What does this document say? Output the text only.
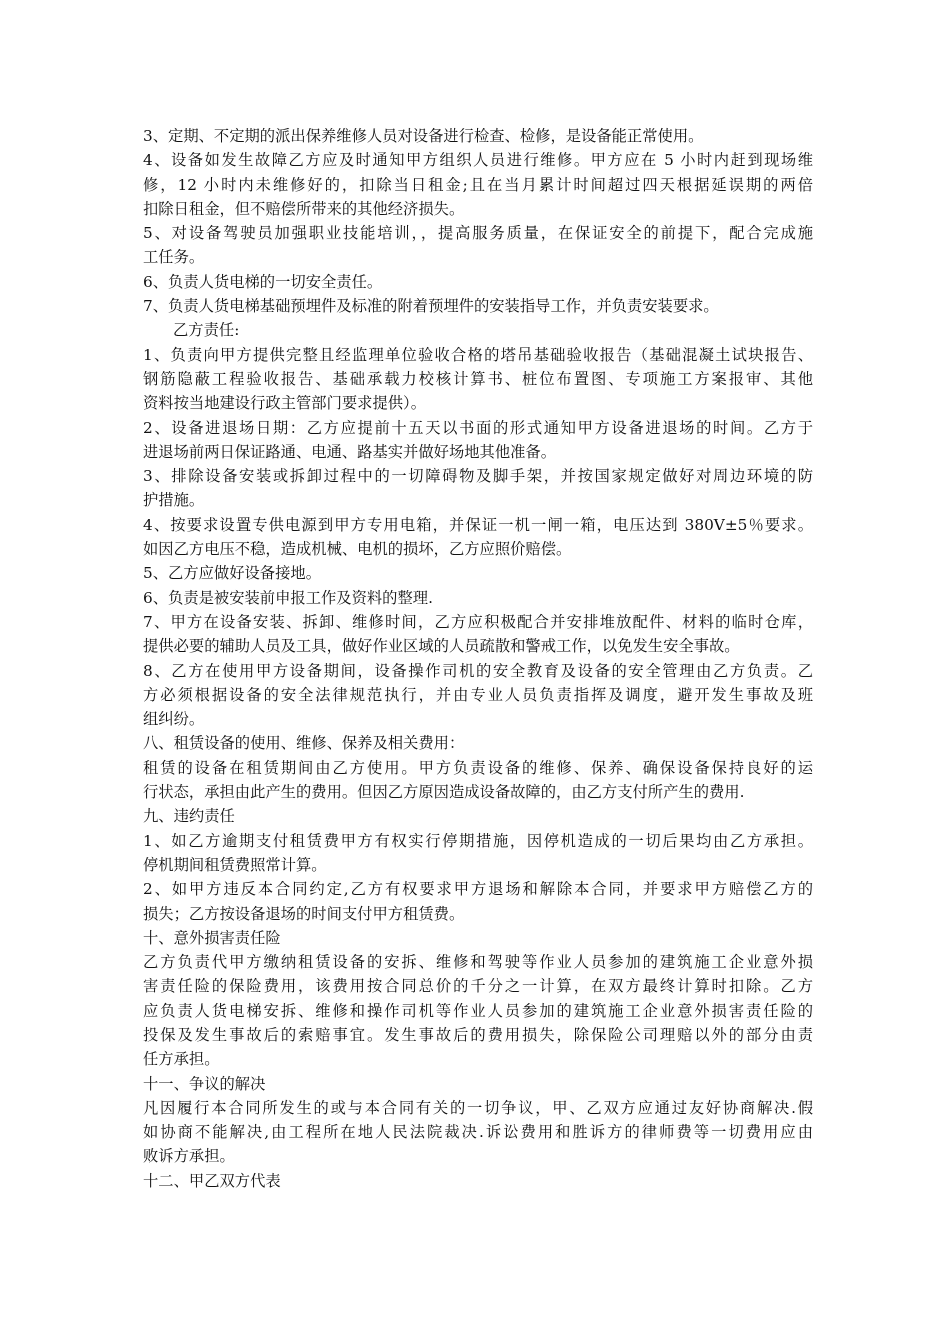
3、定期、不定期的派出保养维修人员对设备进行检查、检修，是设备能正常使用。
4、设备如发生故障乙方应及时通知甲方组织人员进行维修。甲方应在 5 小时内赶到现场维
修，12 小时内未维修好的，扣除当日租金;且在当月累计时间超过四天根据延误期的两倍
扣除日租金，但不赔偿所带来的其他经济损失。
5、对设备驾驶员加强职业技能培训，，提高服务质量，在保证安全的前提下，配合完成施
工任务。
6、负责人货电梯的一切安全责任。
7、负责人货电梯基础预埋件及标准的附着预埋件的安装指导工作，并负责安装要求。
乙方责任:
1、负责向甲方提供完整且经监理单位验收合格的塔吊基础验收报告（基础混凝土试块报告、
钢筋隐蔽工程验收报告、基础承载力校核计算书、桩位布置图、专项施工方案报审、其他
资料按当地建设行政主管部门要求提供）。
2、设备进退场日期：乙方应提前十五天以书面的形式通知甲方设备进退场的时间。乙方于
进退场前两日保证路通、电通、路基实并做好场地其他准备。
3、排除设备安装或拆卸过程中的一切障碍物及脚手架，并按国家规定做好对周边环境的防
护措施。
4、按要求设置专供电源到甲方专用电箱，并保证一机一闸一箱，电压达到 380V±5％要求。
如因乙方电压不稳，造成机械、电机的损坏，乙方应照价赔偿。
5、乙方应做好设备接地。
6、负责是被安装前申报工作及资料的整理.
7、甲方在设备安装、拆卸、维修时间，乙方应积极配合并安排堆放配件、材料的临时仓库，
提供必要的辅助人员及工具，做好作业区域的人员疏散和警戒工作，以免发生安全事故。
8、乙方在使用甲方设备期间，设备操作司机的安全教育及设备的安全管理由乙方负责。乙
方必须根据设备的安全法律规范执行，并由专业人员负责指挥及调度，避开发生事故及班
组纠纷。
八、租赁设备的使用、维修、保养及相关费用：
租赁的设备在租赁期间由乙方使用。甲方负责设备的维修、保养、确保设备保持良好的运
行状态，承担由此产生的费用。但因乙方原因造成设备故障的，由乙方支付所产生的费用.
九、违约责任
1、如乙方逾期支付租赁费甲方有权实行停期措施，因停机造成的一切后果均由乙方承担。
停机期间租赁费照常计算。
2、如甲方违反本合同约定,乙方有权要求甲方退场和解除本合同，并要求甲方赔偿乙方的
损失；乙方按设备退场的时间支付甲方租赁费。
十、意外损害责任险
乙方负责代甲方缴纳租赁设备的安拆、维修和驾驶等作业人员参加的建筑施工企业意外损
害责任险的保险费用，该费用按合同总价的千分之一计算，在双方最终计算时扣除。乙方
应负责人货电梯安拆、维修和操作司机等作业人员参加的建筑施工企业意外损害责任险的
投保及发生事故后的索赔事宜。发生事故后的费用损失，除保险公司理赔以外的部分由责
任方承担。
十一、争议的解决
凡因履行本合同所发生的或与本合同有关的一切争议，甲、乙双方应通过友好协商解决.假
如协商不能解决,由工程所在地人民法院裁决.诉讼费用和胜诉方的律师费等一切费用应由
败诉方承担。
十二、甲乙双方代表
